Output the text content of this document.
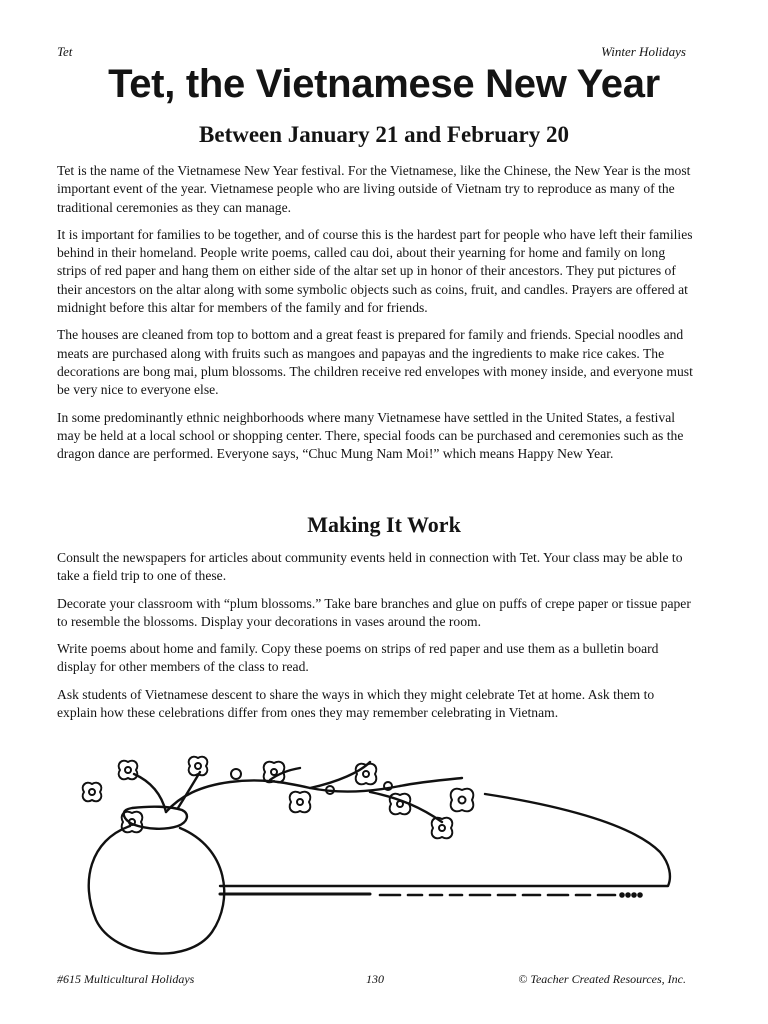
Tet	Winter Holidays
Tet, the Vietnamese New Year
Between January 21 and February 20

Tet is the name of the Vietnamese New Year festival. For the Vietnamese, like the Chinese, the New Year is the most important event of the year. Vietnamese people who are living outside of Vietnam try to reproduce as many of the traditional ceremonies as they can manage.

It is important for families to be together, and of course this is the hardest part for people who have left their families behind in their homeland. People write poems, called cau doi, about their yearning for home and family on long strips of red paper and hang them on either side of the altar set up in honor of their ancestors. They put pictures of their ancestors on the altar along with some symbolic objects such as coins, fruit, and candles. Prayers are offered at midnight before this altar for members of the family and for friends.

The houses are cleaned from top to bottom and a great feast is prepared for family and friends. Special noodles and meats are purchased along with fruits such as mangoes and papayas and the ingredients to make rice cakes. The decorations are bong mai, plum blossoms. The children receive red envelopes with money inside, and everyone must be very nice to everyone else.

In some predominantly ethnic neighborhoods where many Vietnamese have settled in the United States, a festival may be held at a local school or shopping center. There, special foods can be purchased and ceremonies such as the dragon dance are performed. Everyone says, “Chuc Mung Nam Moi!” which means Happy New Year.

Making It Work

Consult the newspapers for articles about community events held in connection with Tet. Your class may be able to take a field trip to one of these.

Decorate your classroom with “plum blossoms.” Take bare branches and glue on puffs of crepe paper or tissue paper to resemble the blossoms. Display your decorations in vases around the room.

Write poems about home and family. Copy these poems on strips of red paper and use them as a bulletin board display for other members of the class to read.

Ask students of Vietnamese descent to share the ways in which they might celebrate Tet at home. Ask them to explain how these celebrations differ from ones they may remember celebrating in Vietnam.

#615 Multicultural Holidays	130	© Teacher Created Resources, Inc.
